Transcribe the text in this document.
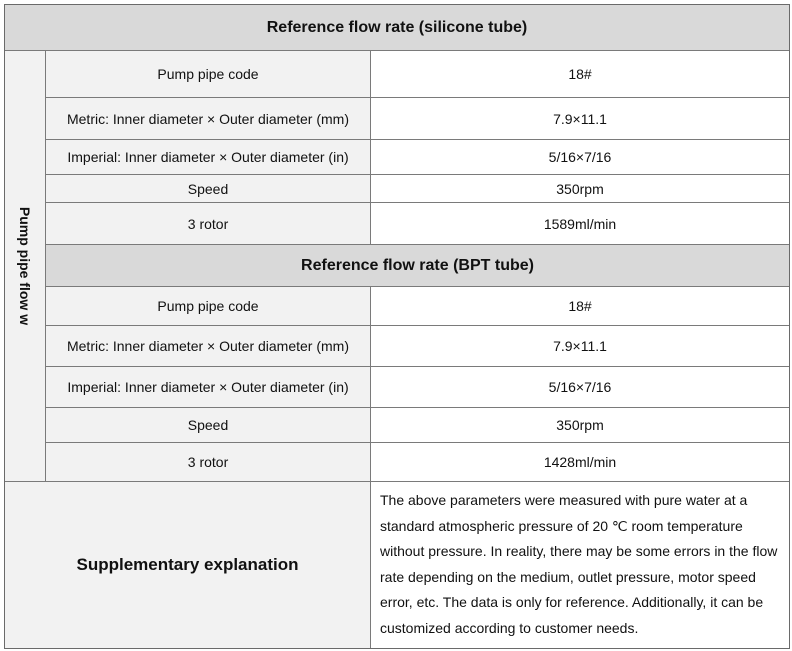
Reference flow rate (silicone tube)
Pump pipe flow w
Pump pipe code	18#
Metric: Inner diameter × Outer diameter (mm)	7.9×11.1
Imperial: Inner diameter × Outer diameter (in)	5/16×7/16
Speed	350rpm
3 rotor	1589ml/min
Reference flow rate (BPT tube)
Pump pipe code	18#
Metric: Inner diameter × Outer diameter (mm)	7.9×11.1
Imperial: Inner diameter × Outer diameter (in)	5/16×7/16
Speed	350rpm
3 rotor	1428ml/min
Supplementary explanation
The above parameters were measured with pure water at a standard atmospheric pressure of 20 ℃ room temperature without pressure. In reality, there may be some errors in the flow rate depending on the medium, outlet pressure, motor speed error, etc. The data is only for reference. Additionally, it can be customized according to customer needs.
